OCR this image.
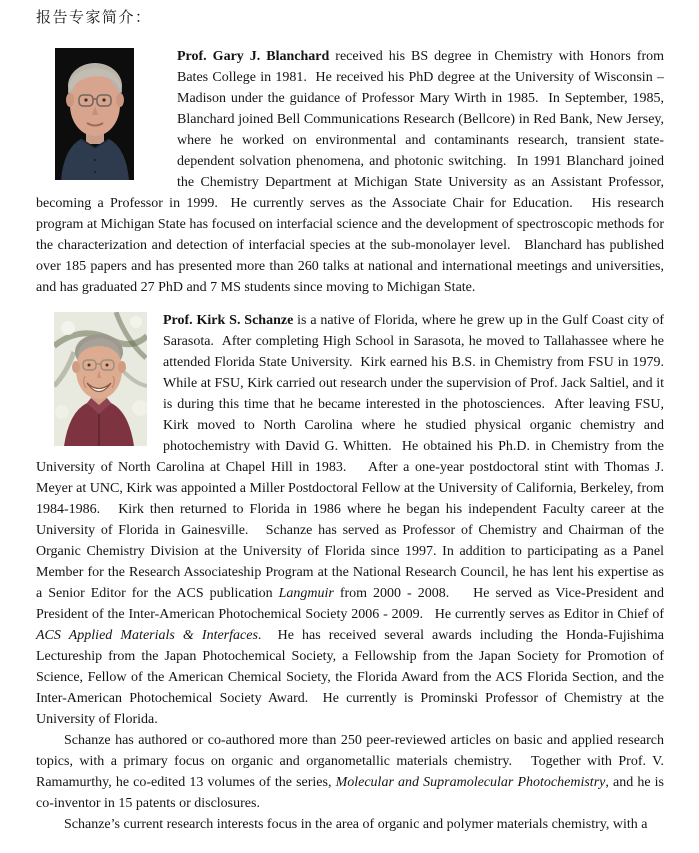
报告专家简介：

Prof. Gary J. Blanchard received his BS degree in Chemistry with Honors from Bates College in 1981.  He received his PhD degree at the University of Wisconsin – Madison under the guidance of Professor Mary Wirth in 1985.  In September, 1985, Blanchard joined Bell Communications Research (Bellcore) in Red Bank, New Jersey, where he worked on environmental and contaminants research, transient state-dependent solvation phenomena, and photonic switching.  In 1991 Blanchard joined the Chemistry Department at Michigan State University as an Assistant Professor, becoming a Professor in 1999.  He currently serves as the Associate Chair for Education.   His research program at Michigan State has focused on interfacial science and the development of spectroscopic methods for the characterization and detection of interfacial species at the sub-monolayer level.   Blanchard has published over 185 papers and has presented more than 260 talks at national and international meetings and universities, and has graduated 27 PhD and 7 MS students since moving to Michigan State.

Prof. Kirk S. Schanze is a native of Florida, where he grew up in the Gulf Coast city of Sarasota.  After completing High School in Sarasota, he moved to Tallahassee where he attended Florida State University.  Kirk earned his B.S. in Chemistry from FSU in 1979.   While at FSU, Kirk carried out research under the supervision of Prof. Jack Saltiel, and it is during this time that he became interested in the photosciences.  After leaving FSU, Kirk moved to North Carolina where he studied physical organic chemistry and photochemistry with David G. Whitten.  He obtained his Ph.D. in Chemistry from the University of North Carolina at Chapel Hill in 1983.    After a one-year postdoctoral stint with Thomas J. Meyer at UNC, Kirk was appointed a Miller Postdoctoral Fellow at the University of California, Berkeley, from 1984-1986.   Kirk then returned to Florida in 1986 where he began his independent Faculty career at the University of Florida in Gainesville.   Schanze has served as Professor of Chemistry and Chairman of the Organic Chemistry Division at the University of Florida since 1997. In addition to participating as a Panel Member for the Research Associateship Program at the National Research Council, he has lent his expertise as a Senior Editor for the ACS publication Langmuir from 2000 - 2008.    He served as Vice-President and President of the Inter-American Photochemical Society 2006 - 2009.   He currently serves as Editor in Chief of ACS Applied Materials & Interfaces.  He has received several awards including the Honda-Fujishima Lectureship from the Japan Photochemical Society, a Fellowship from the Japan Society for Promotion of Science, Fellow of the American Chemical Society, the Florida Award from the ACS Florida Section, and the Inter-American Photochemical Society Award.  He currently is Prominski Professor of Chemistry at the University of Florida.

Schanze has authored or co-authored more than 250 peer-reviewed articles on basic and applied research topics, with a primary focus on organic and organometallic materials chemistry.   Together with Prof. V. Ramamurthy, he co-edited 13 volumes of the series, Molecular and Supramolecular Photochemistry, and he is co-inventor in 15 patents or disclosures.

Schanze’s current research interests focus in the area of organic and polymer materials chemistry, with a
